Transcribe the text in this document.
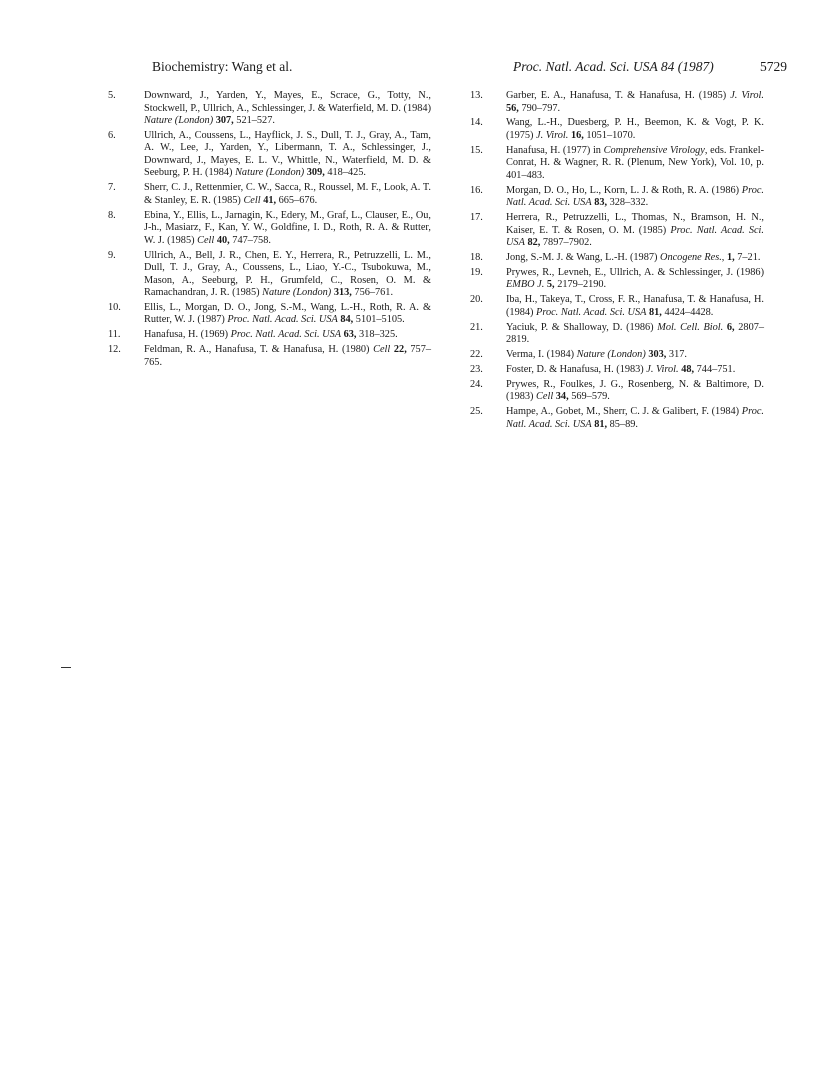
Biochemistry: Wang et al.	Proc. Natl. Acad. Sci. USA 84 (1987)	5729
5.	Downward, J., Yarden, Y., Mayes, E., Scrace, G., Totty, N., Stockwell, P., Ullrich, A., Schlessinger, J. & Waterfield, M. D. (1984) Nature (London) 307, 521–527.
6.	Ullrich, A., Coussens, L., Hayflick, J. S., Dull, T. J., Gray, A., Tam, A. W., Lee, J., Yarden, Y., Libermann, T. A., Schlessinger, J., Downward, J., Mayes, E. L. V., Whittle, N., Waterfield, M. D. & Seeburg, P. H. (1984) Nature (London) 309, 418–425.
7.	Sherr, C. J., Rettenmier, C. W., Sacca, R., Roussel, M. F., Look, A. T. & Stanley, E. R. (1985) Cell 41, 665–676.
8.	Ebina, Y., Ellis, L., Jarnagin, K., Edery, M., Graf, L., Clauser, E., Ou, J-h., Masiarz, F., Kan, Y. W., Goldfine, I. D., Roth, R. A. & Rutter, W. J. (1985) Cell 40, 747–758.
9.	Ullrich, A., Bell, J. R., Chen, E. Y., Herrera, R., Petruzzelli, L. M., Dull, T. J., Gray, A., Coussens, L., Liao, Y.-C., Tsubokuwa, M., Mason, A., Seeburg, P. H., Grumfeld, C., Rosen, O. M. & Ramachandran, J. R. (1985) Nature (London) 313, 756–761.
10. Ellis, L., Morgan, D. O., Jong, S.-M., Wang, L.-H., Roth, R. A. & Rutter, W. J. (1987) Proc. Natl. Acad. Sci. USA 84, 5101–5105.
11. Hanafusa, H. (1969) Proc. Natl. Acad. Sci. USA 63, 318–325.
12. Feldman, R. A., Hanafusa, T. & Hanafusa, H. (1980) Cell 22, 757–765.
13. Garber, E. A., Hanafusa, T. & Hanafusa, H. (1985) J. Virol. 56, 790–797.
14. Wang, L.-H., Duesberg, P. H., Beemon, K. & Vogt, P. K. (1975) J. Virol. 16, 1051–1070.
15. Hanafusa, H. (1977) in Comprehensive Virology, eds. Frankel-Conrat, H. & Wagner, R. R. (Plenum, New York), Vol. 10, p. 401–483.
16. Morgan, D. O., Ho, L., Korn, L. J. & Roth, R. A. (1986) Proc. Natl. Acad. Sci. USA 83, 328–332.
17. Herrera, R., Petruzzelli, L., Thomas, N., Bramson, H. N., Kaiser, E. T. & Rosen, O. M. (1985) Proc. Natl. Acad. Sci. USA 82, 7897–7902.
18. Jong, S.-M. J. & Wang, L.-H. (1987) Oncogene Res., 1, 7–21.
19. Prywes, R., Levneh, E., Ullrich, A. & Schlessinger, J. (1986) EMBO J. 5, 2179–2190.
20. Iba, H., Takeya, T., Cross, F. R., Hanafusa, T. & Hanafusa, H. (1984) Proc. Natl. Acad. Sci. USA 81, 4424–4428.
21. Yaciuk, P. & Shalloway, D. (1986) Mol. Cell. Biol. 6, 2807–2819.
22. Verma, I. (1984) Nature (London) 303, 317.
23. Foster, D. & Hanafusa, H. (1983) J. Virol. 48, 744–751.
24. Prywes, R., Foulkes, J. G., Rosenberg, N. & Baltimore, D. (1983) Cell 34, 569–579.
25. Hampe, A., Gobet, M., Sherr, C. J. & Galibert, F. (1984) Proc. Natl. Acad. Sci. USA 81, 85–89.
